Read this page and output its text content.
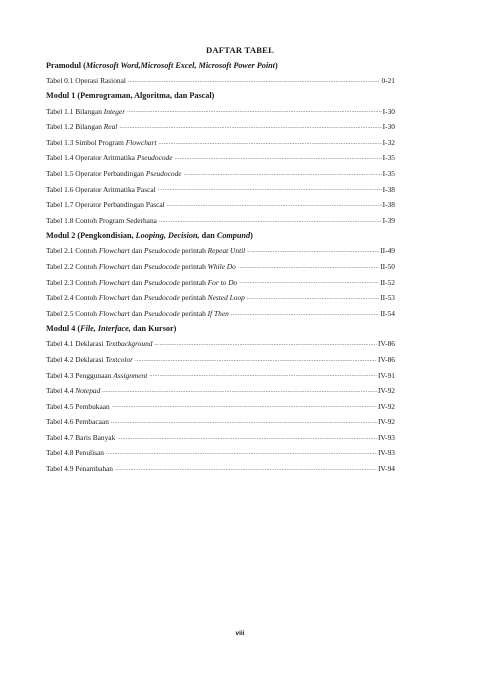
DAFTAR TABEL
Pramodul ( Microsoft Word,Microsoft Excel, Microsoft Power Point )
Tabel 0.1 Operasi Rasional .....	0-21
Modul 1 (Pemrograman, Algoritma, dan Pascal)
Tabel 1.1 Bilangan Integer .....	I-30
Tabel 1.2 Bilangan Real .....	I-30
Tabel 1.3 Simbol Program Flowchart .....	I-32
Tabel 1.4 Operator Aritmatika Pseudocode .....	I-35
Tabel 1.5 Operator Perbandingan Pseudocode .....	I-35
Tabel 1.6 Operator Aritmatika Pascal .....	I-38
Tabel 1.7 Operator Perbandingan Pascal .....	I-38
Tabel 1.8 Contoh Program Sederhana .....	I-39
Modul 2 (Pengkondisian, Looping, Decision, dan Compund )
Tabel 2.1 Contoh Flowchart dan Pseudocode perintah Repeat Until .....	II-49
Tabel 2.2 Contoh Flowchart dan Pseudocode perintah While Do .....	II-50
Tabel 2.3 Contoh Flowchart dan Pseudocode perintah For to Do .....	II-52
Tabel 2.4 Contoh Flowchart dan Pseudocode perintah Nested Loop .....	II-53
Tabel 2.5 Contoh Flowchart dan Pseudocode perintah If Then .....	II-54
Modul 4 ( File, Interface, dan Kursor)
Tabel 4.1 Deklarasi Textbackground .....	IV-86
Tabel 4.2 Deklarasi Textcolor .....	IV-86
Tabel 4.3 Penggunaan Assignment .....	IV-91
Tabel 4.4 Notepad .....	IV-92
Tabel 4.5 Pembukaan .....	IV-92
Tabel 4.6 Pembacaan .....	IV-92
Tabel 4.7 Baris Banyak .....	IV-93
Tabel 4.8 Penulisan .....	IV-93
Tabel 4.9 Penambahan .....	IV-94
viii
